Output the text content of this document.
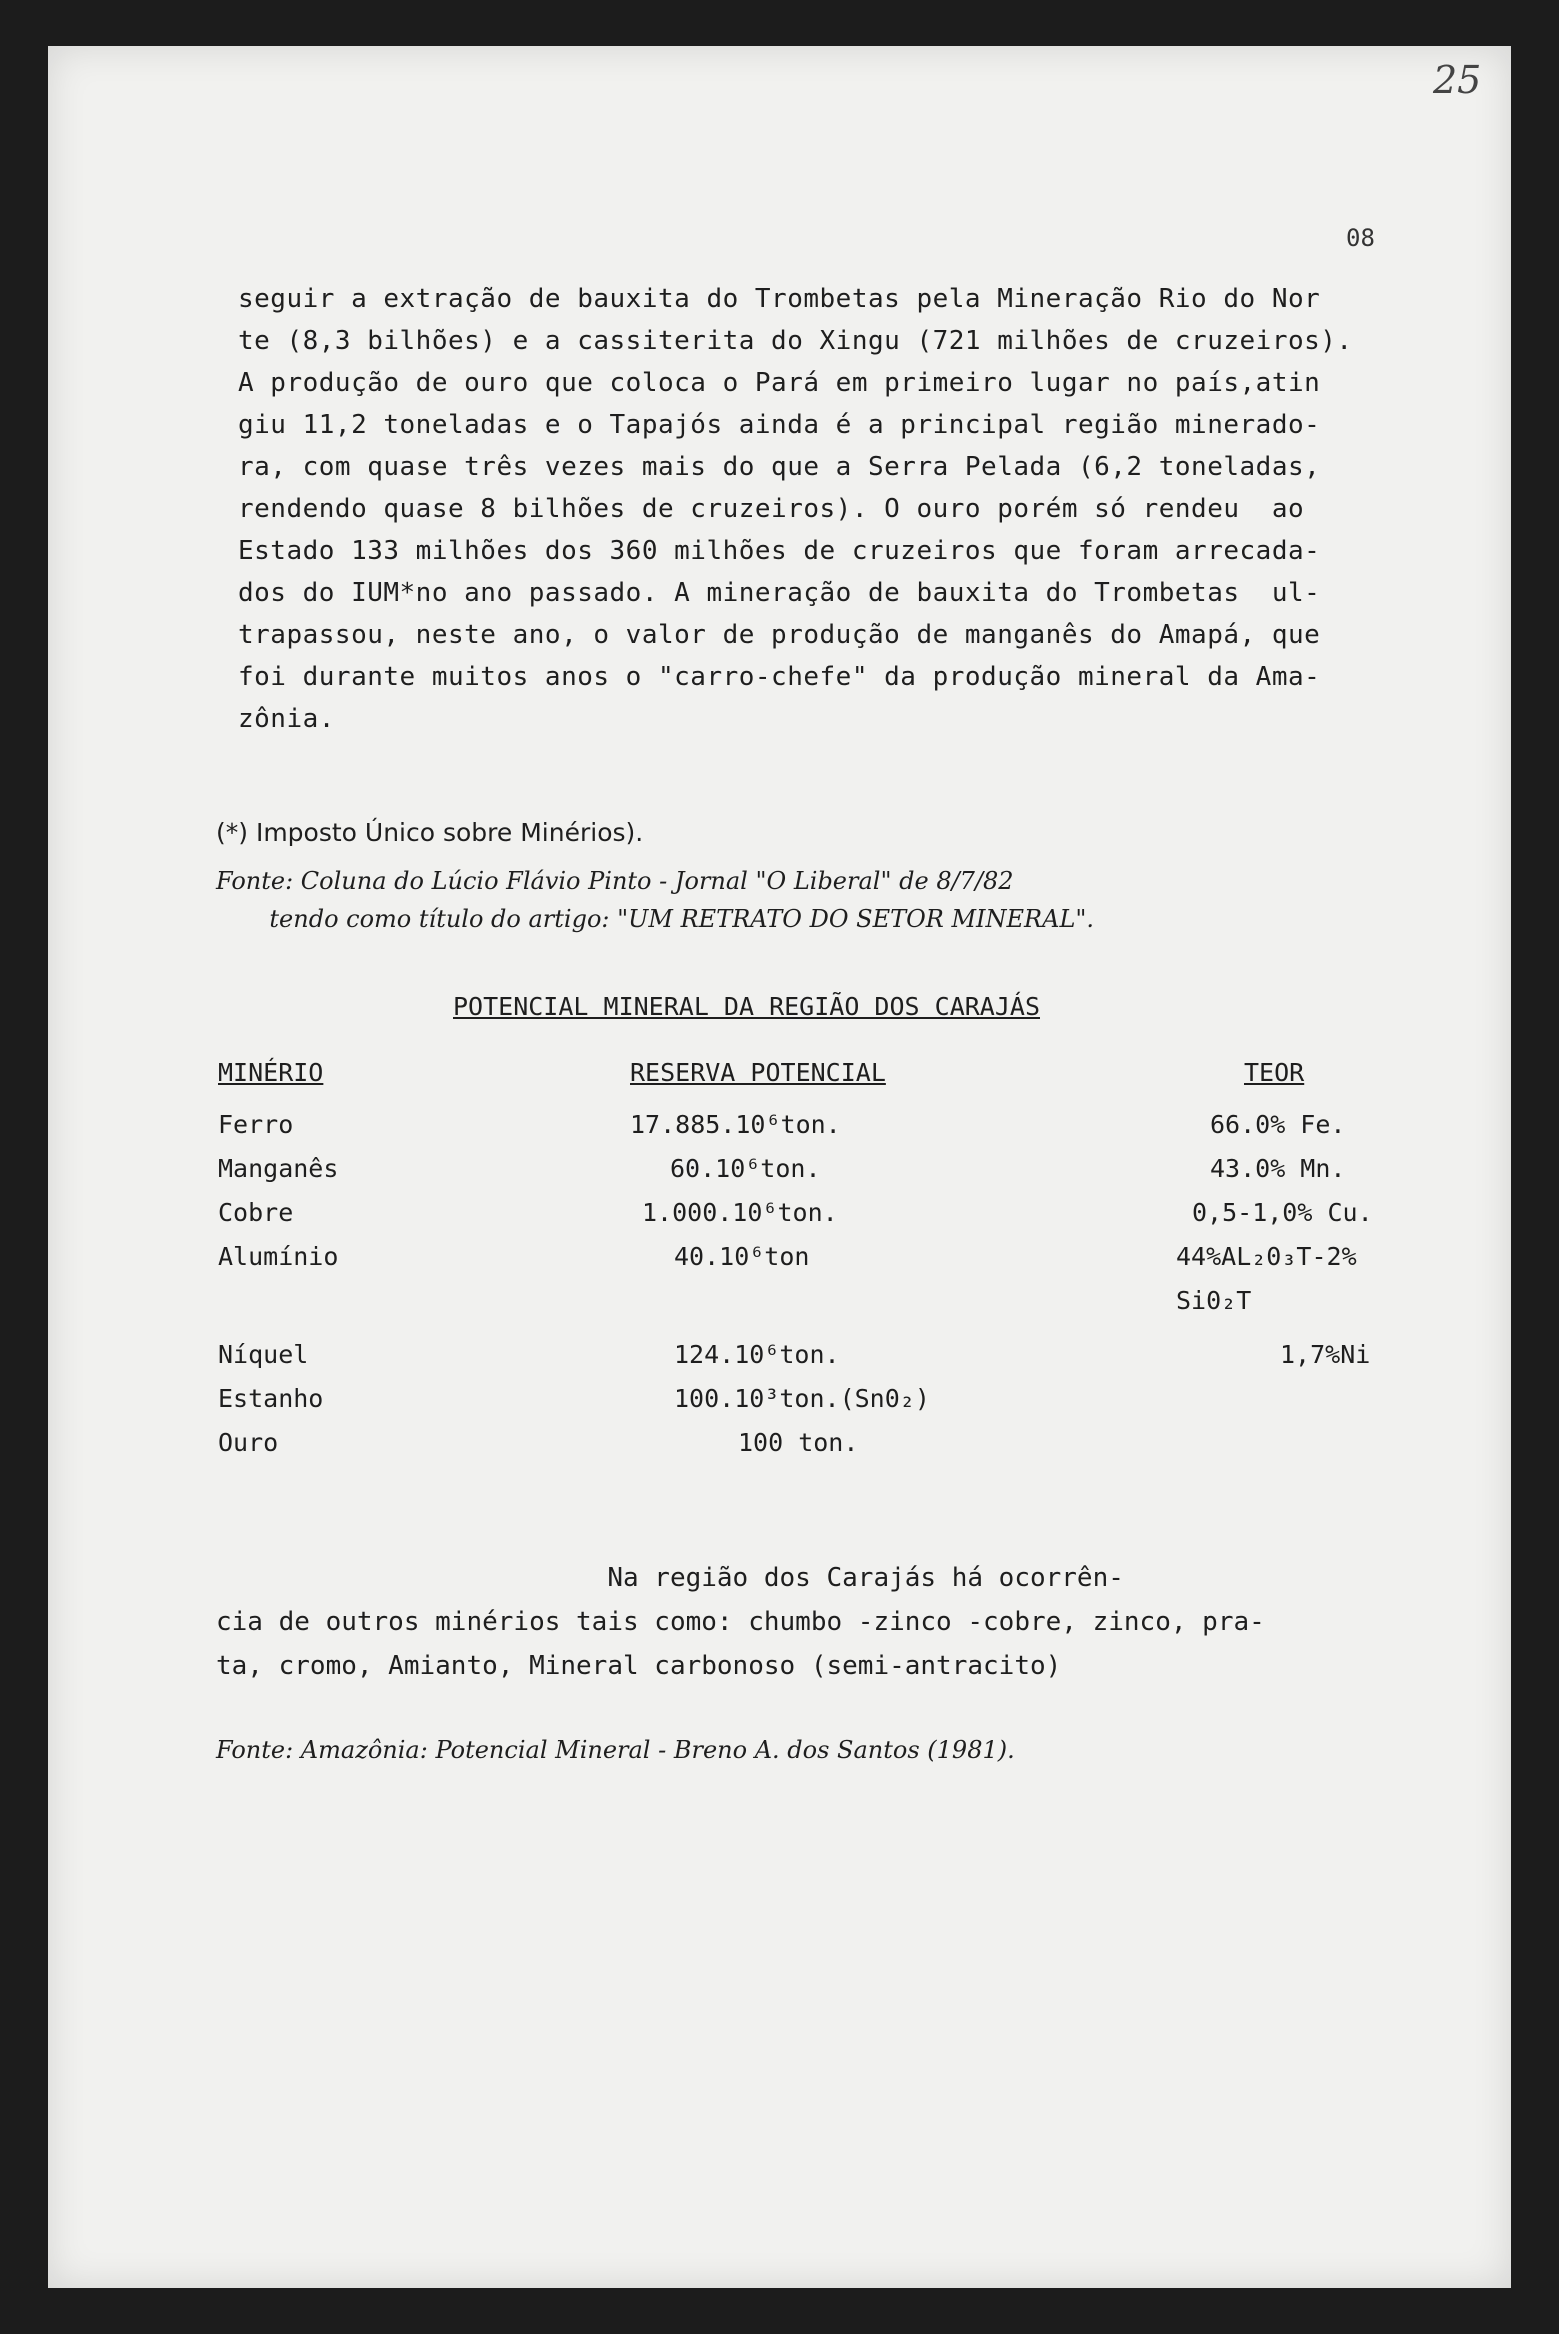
25
08
seguir a extração de bauxita do Trombetas pela Mineração Rio do Nor
te (8,3 bilhões) e a cassiterita do Xingu (721 milhões de cruzeiros).
A produção de ouro que coloca o Pará em primeiro lugar no país,atin
giu 11,2 toneladas e o Tapajós ainda é a principal região minerado-
ra, com quase três vezes mais do que a Serra Pelada (6,2 toneladas,
rendendo quase 8 bilhões de cruzeiros). O ouro porém só rendeu  ao
Estado 133 milhões dos 360 milhões de cruzeiros que foram arrecada-
dos do IUM*no ano passado. A mineração de bauxita do Trombetas  ul-
trapassou, neste ano, o valor de produção de manganês do Amapá, que
foi durante muitos anos o "carro-chefe" da produção mineral da Ama-
zônia.
(*) Imposto Único sobre Minérios).
Fonte: Coluna do Lúcio Flávio Pinto - Jornal "O Liberal" de 8/7/82
tendo como título do artigo: "UM RETRATO DO SETOR MINERAL".
POTENCIAL MINERAL DA REGIÃO DOS CARAJÁS
MINÉRIO	RESERVA POTENCIAL	TEOR
Ferro	17.885.10⁶ton.	66.0% Fe.
Manganês	60.10⁶ton.	43.0% Mn.
Cobre	1.000.10⁶ton.	0,5-1,0% Cu.
Alumínio	40.10⁶ton	44%AL₂0₃T-2%
Si0₂T
Níquel	124.10⁶ton.	1,7%Ni
Estanho	100.10³ton.(Sn0₂)
Ouro	100 ton.
Na região dos Carajás há ocorrên-
cia de outros minérios tais como: chumbo -zinco -cobre, zinco, pra-
ta, cromo, Amianto, Mineral carbonoso (semi-antracito)
Fonte: Amazônia: Potencial Mineral - Breno A. dos Santos (1981).
